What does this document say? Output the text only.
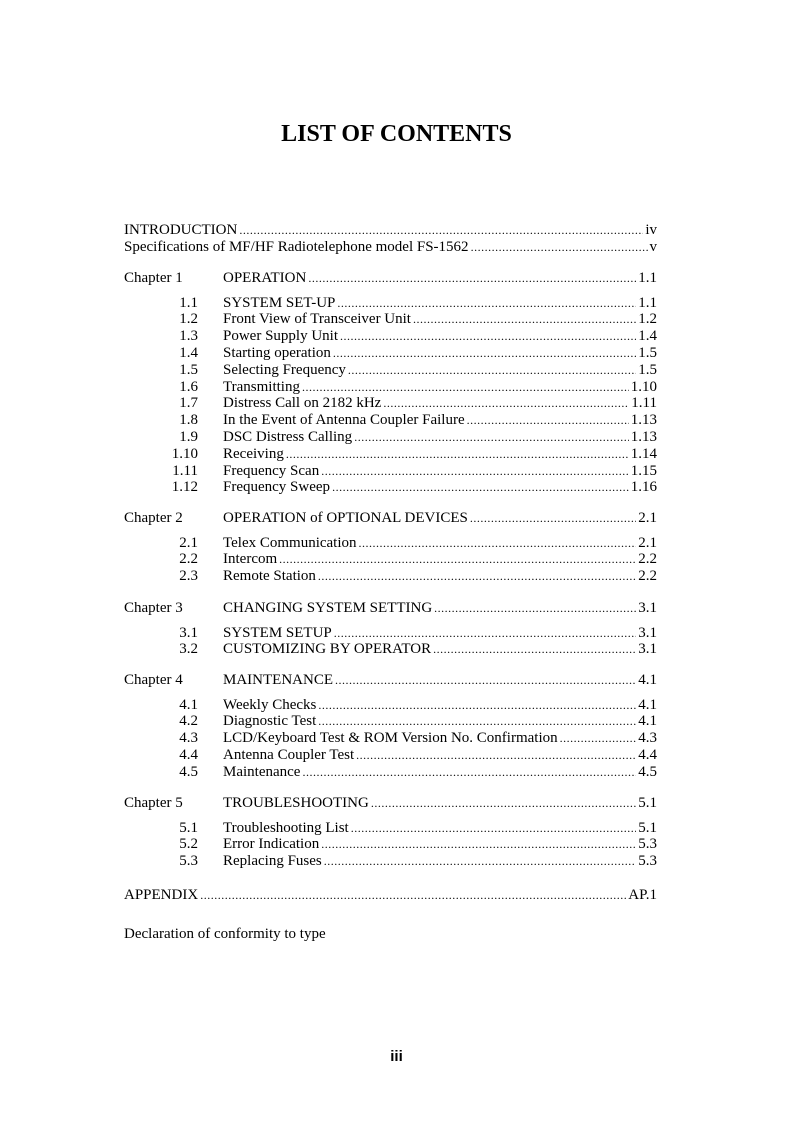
LIST OF CONTENTS
INTRODUCTION .....	iv
Specifications of MF/HF Radiotelephone model FS-1562 .....	v
Chapter 1	OPERATION .....	1.1
1.1 SYSTEM SET-UP .....	1.1
1.2 Front View of Transceiver Unit .....	1.2
1.3 Power Supply Unit .....	1.4
1.4 Starting operation .....	1.5
1.5 Selecting Frequency .....	1.5
1.6 Transmitting .....	1.10
1.7 Distress Call on 2182 kHz .....	1.11
1.8 In the Event of Antenna Coupler Failure .....	1.13
1.9 DSC Distress Calling .....	1.13
1.10 Receiving .....	1.14
1.11 Frequency Scan .....	1.15
1.12 Frequency Sweep .....	1.16
Chapter 2	OPERATION of OPTIONAL DEVICES .....	2.1
2.1 Telex Communication .....	2.1
2.2 Intercom .....	2.2
2.3 Remote Station .....	2.2
Chapter 3	CHANGING SYSTEM SETTING .....	3.1
3.1 SYSTEM SETUP .....	3.1
3.2 CUSTOMIZING BY OPERATOR .....	3.1
Chapter 4	MAINTENANCE .....	4.1
4.1 Weekly Checks .....	4.1
4.2 Diagnostic Test .....	4.1
4.3 LCD/Keyboard Test & ROM Version No. Confirmation .....	4.3
4.4 Antenna Coupler Test .....	4.4
4.5 Maintenance .....	4.5
Chapter 5	TROUBLESHOOTING .....	5.1
5.1 Troubleshooting List .....	5.1
5.2 Error Indication .....	5.3
5.3 Replacing Fuses .....	5.3
APPENDIX .....	AP.1
Declaration of conformity to type
iii
